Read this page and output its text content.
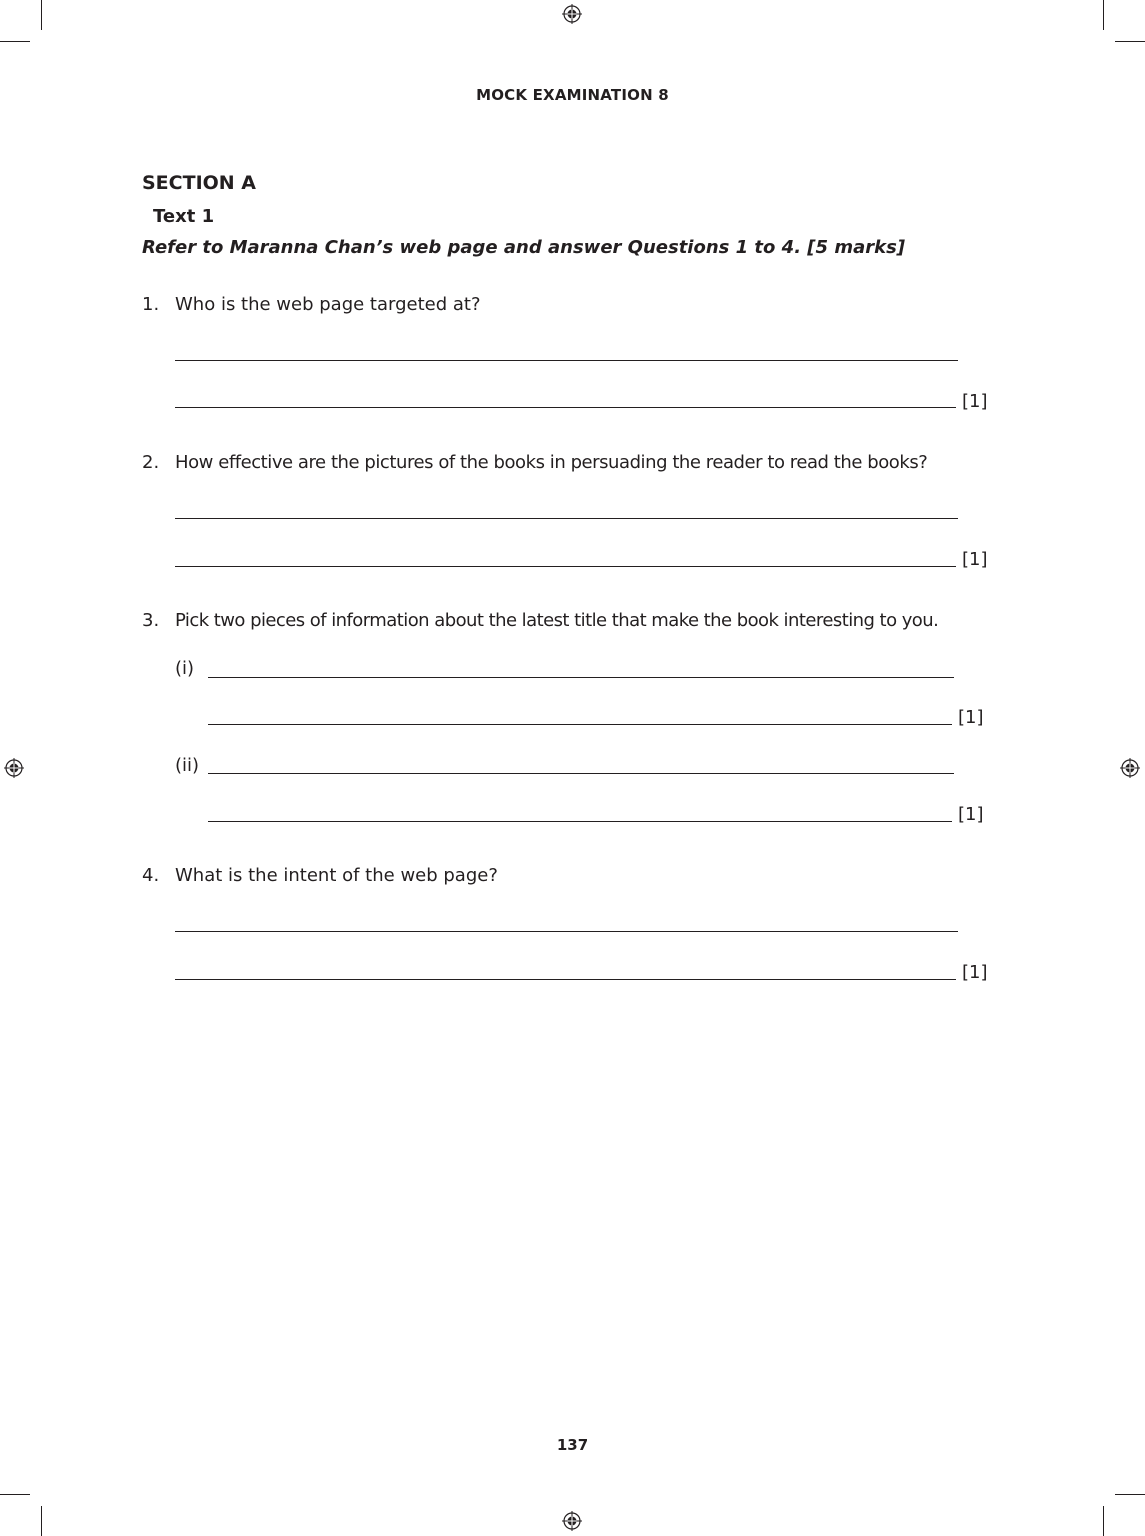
MOCK EXAMINATION 8
SECTION A
Text 1
Refer to Maranna Chan’s web page and answer Questions 1 to 4. [5 marks]
1. Who is the web page targeted at?
[1]
2. How effective are the pictures of the books in persuading the reader to read the books?
[1]
3. Pick two pieces of information about the latest title that make the book interesting to you.
(i)
[1]
(ii)
[1]
4. What is the intent of the web page?
[1]
137
